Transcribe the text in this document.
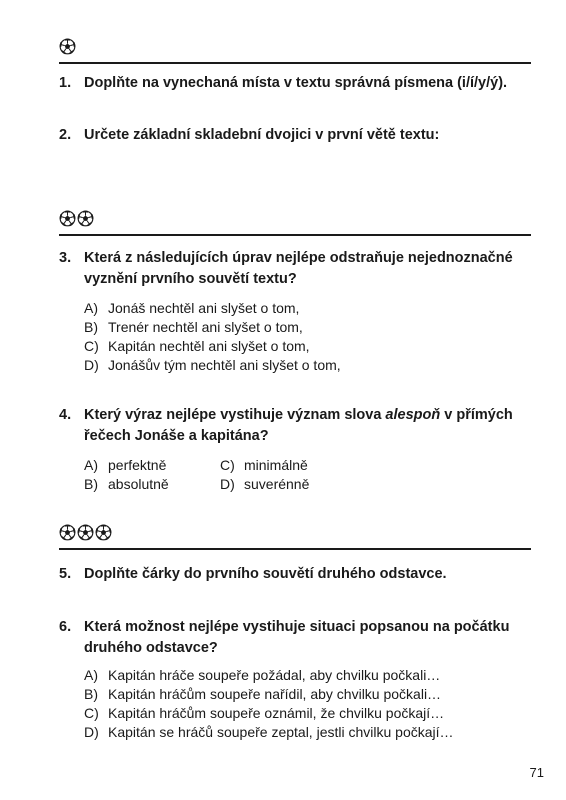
1. Doplňte na vynechaná místa v textu správná písmena (i/í/y/ý).
2. Určete základní skladební dvojici v první větě textu:
3. Která z následujících úprav nejlépe odstraňuje nejednoznačné vyznění prvního souvětí textu?
A) Jonáš nechtěl ani slyšet o tom,
B) Trenér nechtěl ani slyšet o tom,
C) Kapitán nechtěl ani slyšet o tom,
D) Jonášův tým nechtěl ani slyšet o tom,
4. Který výraz nejlépe vystihuje význam slova alespoň v přímých řečech Jonáše a kapitána?
A) perfektně	C) minimálně
B) absolutně	D) suverénně
5. Doplňte čárky do prvního souvětí druhého odstavce.
6. Která možnost nejlépe vystihuje situaci popsanou na počátku druhého odstavce?
A) Kapitán hráče soupeře požádal, aby chvilku počkali…
B) Kapitán hráčům soupeře nařídil, aby chvilku počkali…
C) Kapitán hráčům soupeře oznámil, že chvilku počkají…
D) Kapitán se hráčů soupeře zeptal, jestli chvilku počkají…
71
